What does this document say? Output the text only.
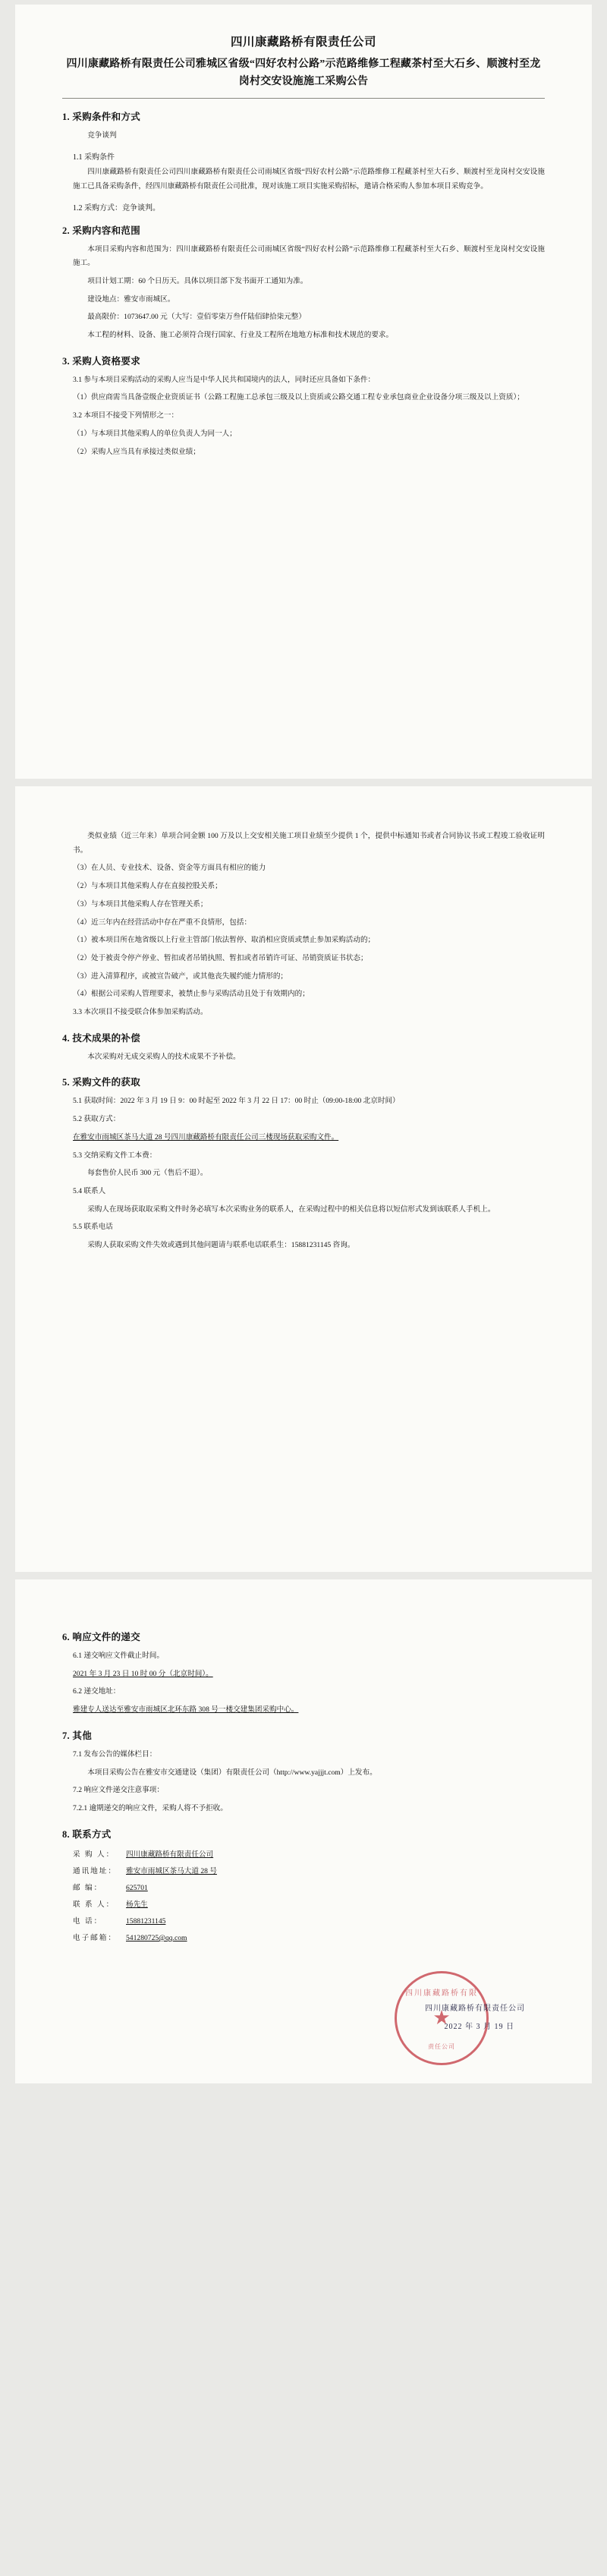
四川康藏路桥有限责任公司
四川康藏路桥有限责任公司雅城区省级“四好农村公路”示范路维修工程藏茶村至大石乡、顺渡村至龙岗村交安设施施工采购公告
1. 采购条件和方式

竞争谈判

1.1 采购条件

四川康藏路桥有限责任公司四川康藏路桥有限责任公司雨城区省级“四好农村公路”示范路维修工程藏茶村至大石乡、顺渡村至龙岗村交安设施施工已具备采购条件，经四川康藏路桥有限责任公司批准，现对该施工项目实施采购招标，邀请合格采购人参加本项目采购竞争。

1.2 采购方式：竞争谈判。
2. 采购内容和范围

本项目采购内容和范围为：四川康藏路桥有限责任公司雨城区省级“四好农村公路”示范路维修工程藏茶村至大石乡、顺渡村至龙岗村交安设施施工。

项目计划工期：60 个日历天。具体以项目部下发书面开工通知为准。

建设地点：雅安市雨城区。

最高限价：1073647.00 元（大写：壹佰零柒万叁仟陆佰肆拾柒元整）

本工程的材料、设备、施工必须符合现行国家、行业及工程所在地地方标准和技术规范的要求。

3. 采购人资格要求

3.1 参与本项目采购活动的采购人应当是中华人民共和国境内的法人，同时还应具备如下条件：

（1）供应商需当具备壹级企业资质证书（公路工程施工总承包三级及以上资质或公路交通工程专业承包商业企业设备分项三级及以上资质）；

3.2 本项目不接受下列情形之一：

（1）与本项目其他采购人的单位负责人为同一人；

（2）采购人应当具有承接过类似业绩；

类似业绩（近三年来）单项合同金额 100 万及以上交安相关施工项目业绩至少提供 1 个，提供中标通知书或者合同协议书或工程竣工验收证明书。

（3）在人员、专业技术、设备、资金等方面具有相应的能力

（2）与本项目其他采购人存在直接控股关系；

（3）与本项目其他采购人存在管理关系；

（4）近三年内在经营活动中存在严重不良情形，包括：

（1）被本项目所在地省级以上行业主管部门依法暂停、取消相应资质或禁止参加采购活动的；

（2）处于被责令停产停业、暂扣或者吊销执照、暂扣或者吊销许可证、吊销资质证书状态；

（3）进入清算程序，或被宣告破产，或其他丧失履约能力情形的；

（4）根据公司采购人管理要求，被禁止参与采购活动且处于有效期内的；

3.3 本次项目不接受联合体参加采购活动。

4. 技术成果的补偿

本次采购对无成交采购人的技术成果不予补偿。

5. 采购文件的获取

5.1 获取时间：2022 年 3 月 19 日 9：00 时起至 2022 年 3 月 22 日 17：00 时止（09:00-18:00 北京时间）

5.2 获取方式：

在雅安市雨城区茶马大道 28 号四川康藏路桥有限责任公司三楼现场获取采购文件。

5.3 交纳采购文件工本费：

每套售价人民币 300 元（售后不退）。

5.4 联系人

采购人在现场获取取采购文件时务必填写本次采购业务的联系人，在采购过程中的相关信息将以短信形式发到该联系人手机上。

5.5 联系电话

采购人获取采购文件失效或遇到其他问题请与联系电话联系生：15881231145 咨询。

6. 响应文件的递交

6.1 递交响应文件截止时间。

2021 年 3 月 23 日 10 时 00 分（北京时间）。

6.2 递交地址：

雅建专人送达至雅安市雨城区北环东路 308 号一楼交建集团采购中心。

7. 其他

7.1 发布公告的媒体栏目：

本项目采购公告在雅安市交通建设（集团）有限责任公司（http://www.yajjjt.com）上发布。

7.2 响应文件递交注意事项：

7.2.1 逾期递交的响应文件，采购人将不予拒收。

8. 联系方式
采 购 人：	四川康藏路桥有限责任公司
通讯地址：	雅安市雨城区茶马大道 28 号
邮 编：	625701
联 系 人：	杨先生
电 话：	15881231145
电子邮箱：	541280725@qq.com
四川康藏路桥有限
★
责任公司
四川康藏路桥有限责任公司
2022 年 3 月 19 日
